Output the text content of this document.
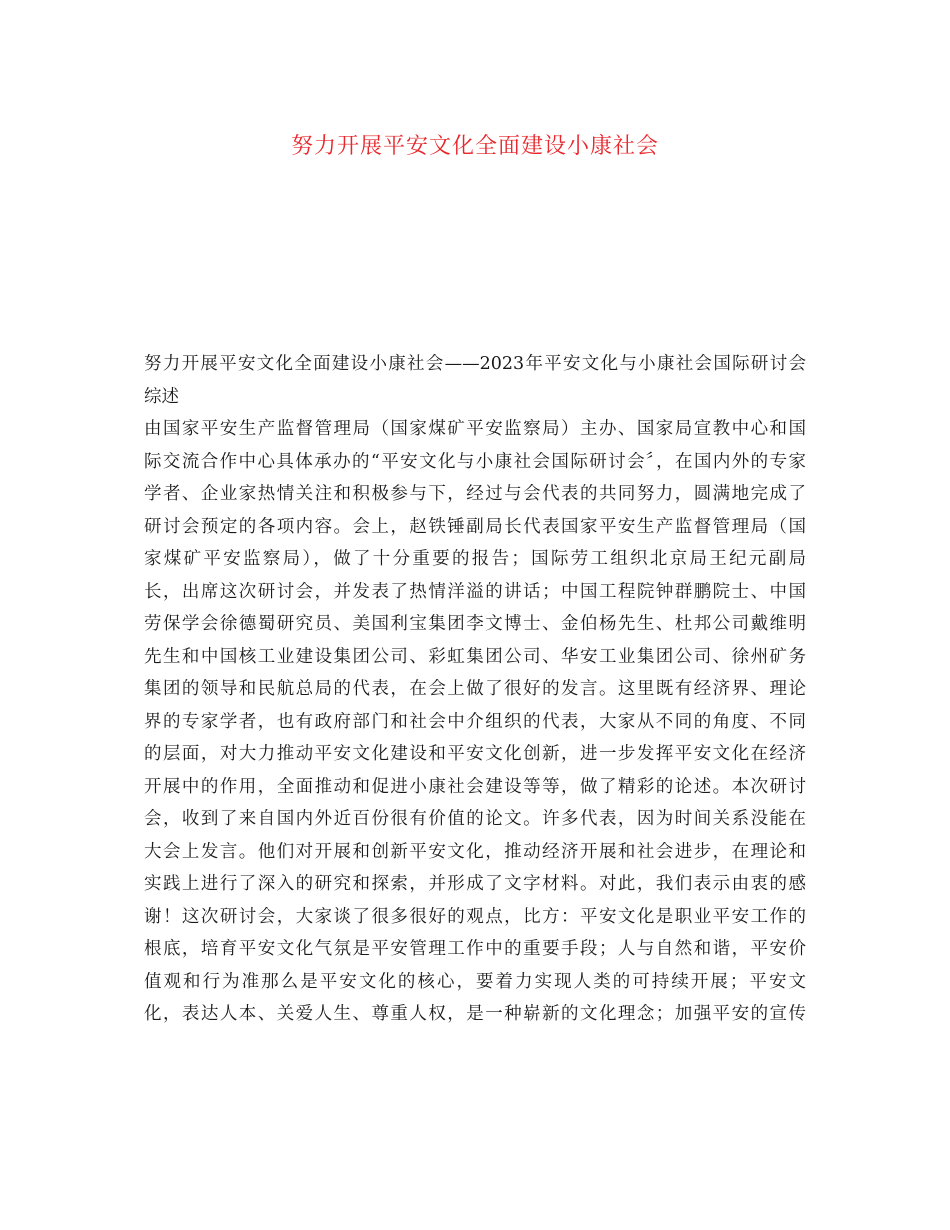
努力开展平安文化全面建设小康社会
努力开展平安文化全面建设小康社会——2023年平安文化与小康社会国际研讨会
综述
由国家平安生产监督管理局（国家煤矿平安监察局）主办、国家局宣教中心和国
际交流合作中心具体承办的“平安文化与小康社会国际研讨会〞，在国内外的专家
学者、企业家热情关注和积极参与下，经过与会代表的共同努力，圆满地完成了
研讨会预定的各项内容。会上，赵铁锤副局长代表国家平安生产监督管理局（国
家煤矿平安监察局），做了十分重要的报告；国际劳工组织北京局王纪元副局
长，出席这次研讨会，并发表了热情洋溢的讲话；中国工程院钟群鹏院士、中国
劳保学会徐德蜀研究员、美国利宝集团李文博士、金伯杨先生、杜邦公司戴维明
先生和中国核工业建设集团公司、彩虹集团公司、华安工业集团公司、徐州矿务
集团的领导和民航总局的代表，在会上做了很好的发言。这里既有经济界、理论
界的专家学者，也有政府部门和社会中介组织的代表，大家从不同的角度、不同
的层面，对大力推动平安文化建设和平安文化创新，进一步发挥平安文化在经济
开展中的作用，全面推动和促进小康社会建设等等，做了精彩的论述。本次研讨
会，收到了来自国内外近百份很有价值的论文。许多代表，因为时间关系没能在
大会上发言。他们对开展和创新平安文化，推动经济开展和社会进步，在理论和
实践上进行了深入的研究和探索，并形成了文字材料。对此，我们表示由衷的感
谢！这次研讨会，大家谈了很多很好的观点，比方：平安文化是职业平安工作的
根底，培育平安文化气氛是平安管理工作中的重要手段；人与自然和谐，平安价
值观和行为准那么是平安文化的核心，要着力实现人类的可持续开展；平安文
化，表达人本、关爱人生、尊重人权，是一种崭新的文化理念；加强平安的宣传
